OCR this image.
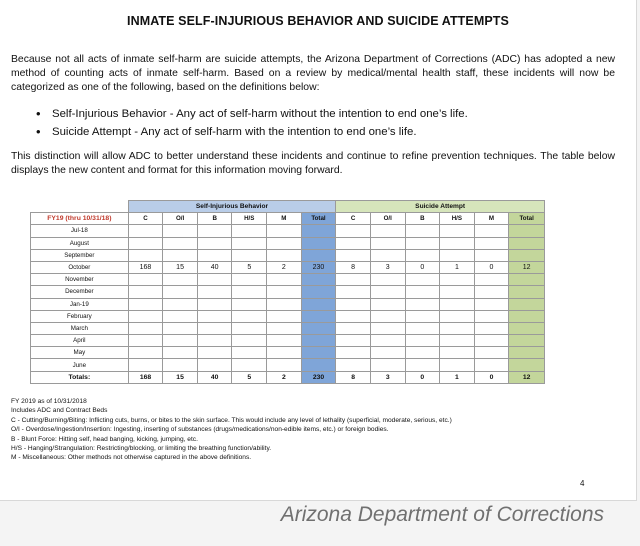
INMATE SELF-INJURIOUS BEHAVIOR AND SUICIDE ATTEMPTS

Because not all acts of inmate self-harm are suicide attempts, the Arizona Department of Corrections (ADC) has adopted a new method of counting acts of inmate self-harm. Based on a review by medical/mental health staff, these incidents will now be categorized as one of the following, based on the definitions below:

• Self-Injurious Behavior - Any act of self-harm without the intention to end one’s life.
• Suicide Attempt - Any act of self-harm with the intention to end one’s life.

This distinction will allow ADC to better understand these incidents and continue to refine prevention techniques. The table below displays the new content and format for this information moving forward.

	Self-Injurious Behavior						Suicide Attempt					
FY19 (thru 10/31/18)	C	O/I	B	H/S	M	Total	C	O/I	B	H/S	M	Total
Jul-18												
August												
September												
October	168	15	40	5	2	230	8	3	0	1	0	12
November												
December												
Jan-19												
February												
March												
April												
May												
June												
Totals:	168	15	40	5	2	230	8	3	0	1	0	12
FY 2019 as of 10/31/2018
Includes ADC and Contract Beds
C - Cutting/Burning/Biting: Inflicting cuts, burns, or bites to the skin surface. This would include any level of lethality (superficial, moderate, serious, etc.)
O/I - Overdose/Ingestion/Insertion: Ingesting, inserting of substances (drugs/medications/non-edible items, etc.) or foreign bodies.
B - Blunt Force: Hitting self, head banging, kicking, jumping, etc.
H/S - Hanging/Strangulation: Restricting/blocking, or limiting the breathing function/ability.
M - Miscellaneous: Other methods not otherwise captured in the above definitions.
4
Arizona Department of Corrections
